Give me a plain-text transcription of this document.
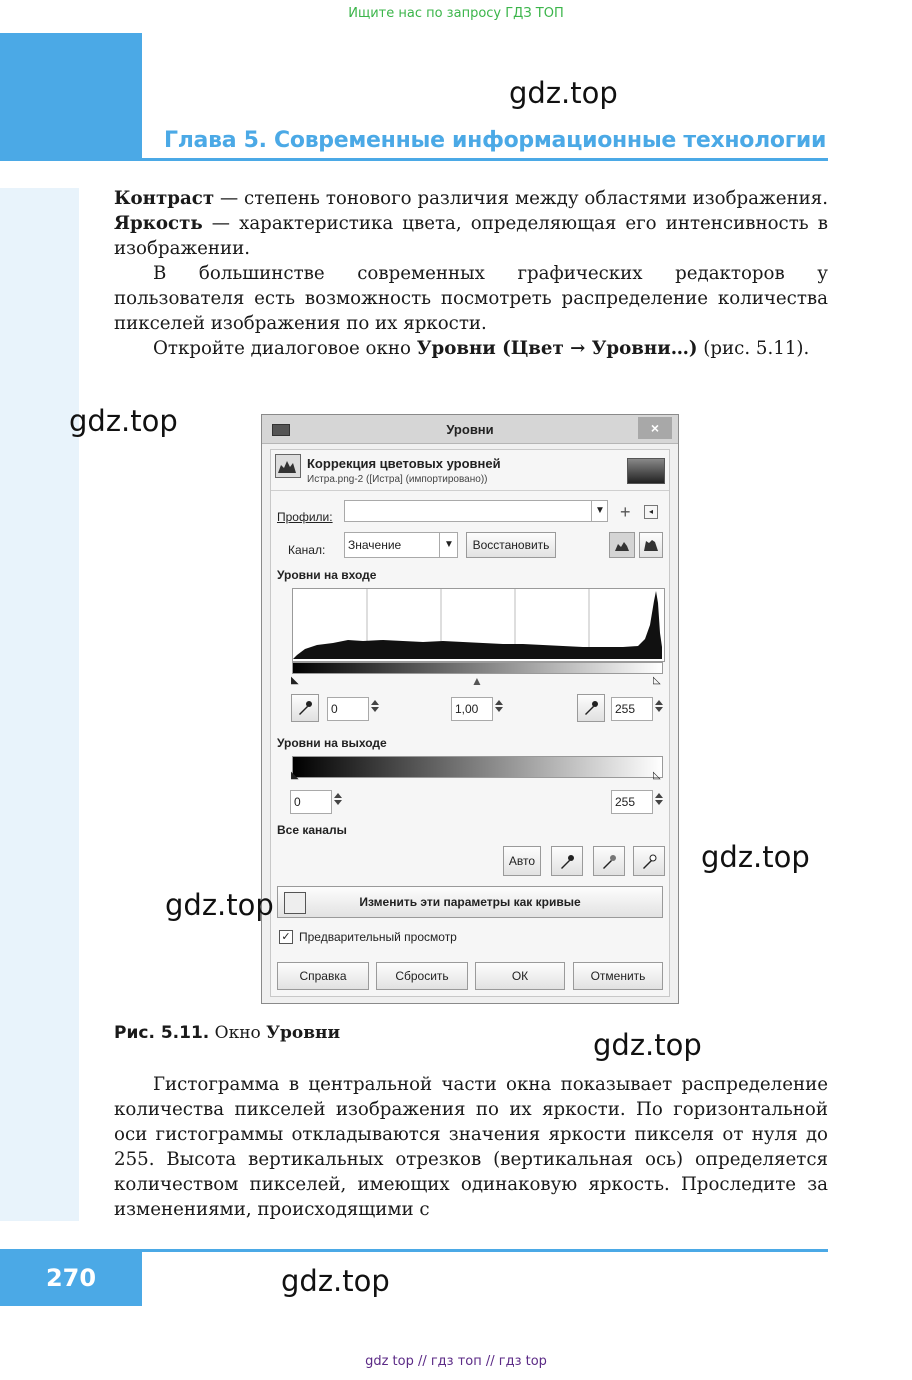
Ищите нас по запросу ГДЗ ТОП
Глава 5. Современные информационные технологии
gdz.top

Контраст — степень тонового различия между областями изображения. Яркость — характеристика цвета, определяющая его интенсивность в изображении.

В большинстве современных графических редакторов у пользователя есть возможность посмотреть распределение количества пикселей изображения по их яркости.

Откройте диалоговое окно Уровни (Цвет → Уровни…) (рис. 5.11).

gdz.top	Уровни	×
Коррекция цветовых уровней
Истра.png-2 ([Истра] (импортировано))
Профили:	▼ +	◂
Канал:	Значение	▼	Восстановить
Уровни на входе
◣	▲	◺
0	1,00	255
Уровни на выходе
◣	◺
0	255
Все каналы
Авто
Изменить эти параметры как кривые
✓ Предварительный просмотр
Справка	Сбросить	ОК	Отменить
gdz.top
gdz.top
Рис. 5.11. Окно Уровни	gdz.top

Гистограмма в центральной части окна показывает распределение количества пикселей изображения по их яркости. По горизонтальной оси гистограммы откладываются значения яркости пикселя от нуля до 255. Высота вертикальных отрезков (вертикальная ось) определяется количеством пикселей, имеющих одинаковую яркость. Проследите за изменениями, происходящими с

270	gdz.top
gdz top // гдз топ // гдз top
